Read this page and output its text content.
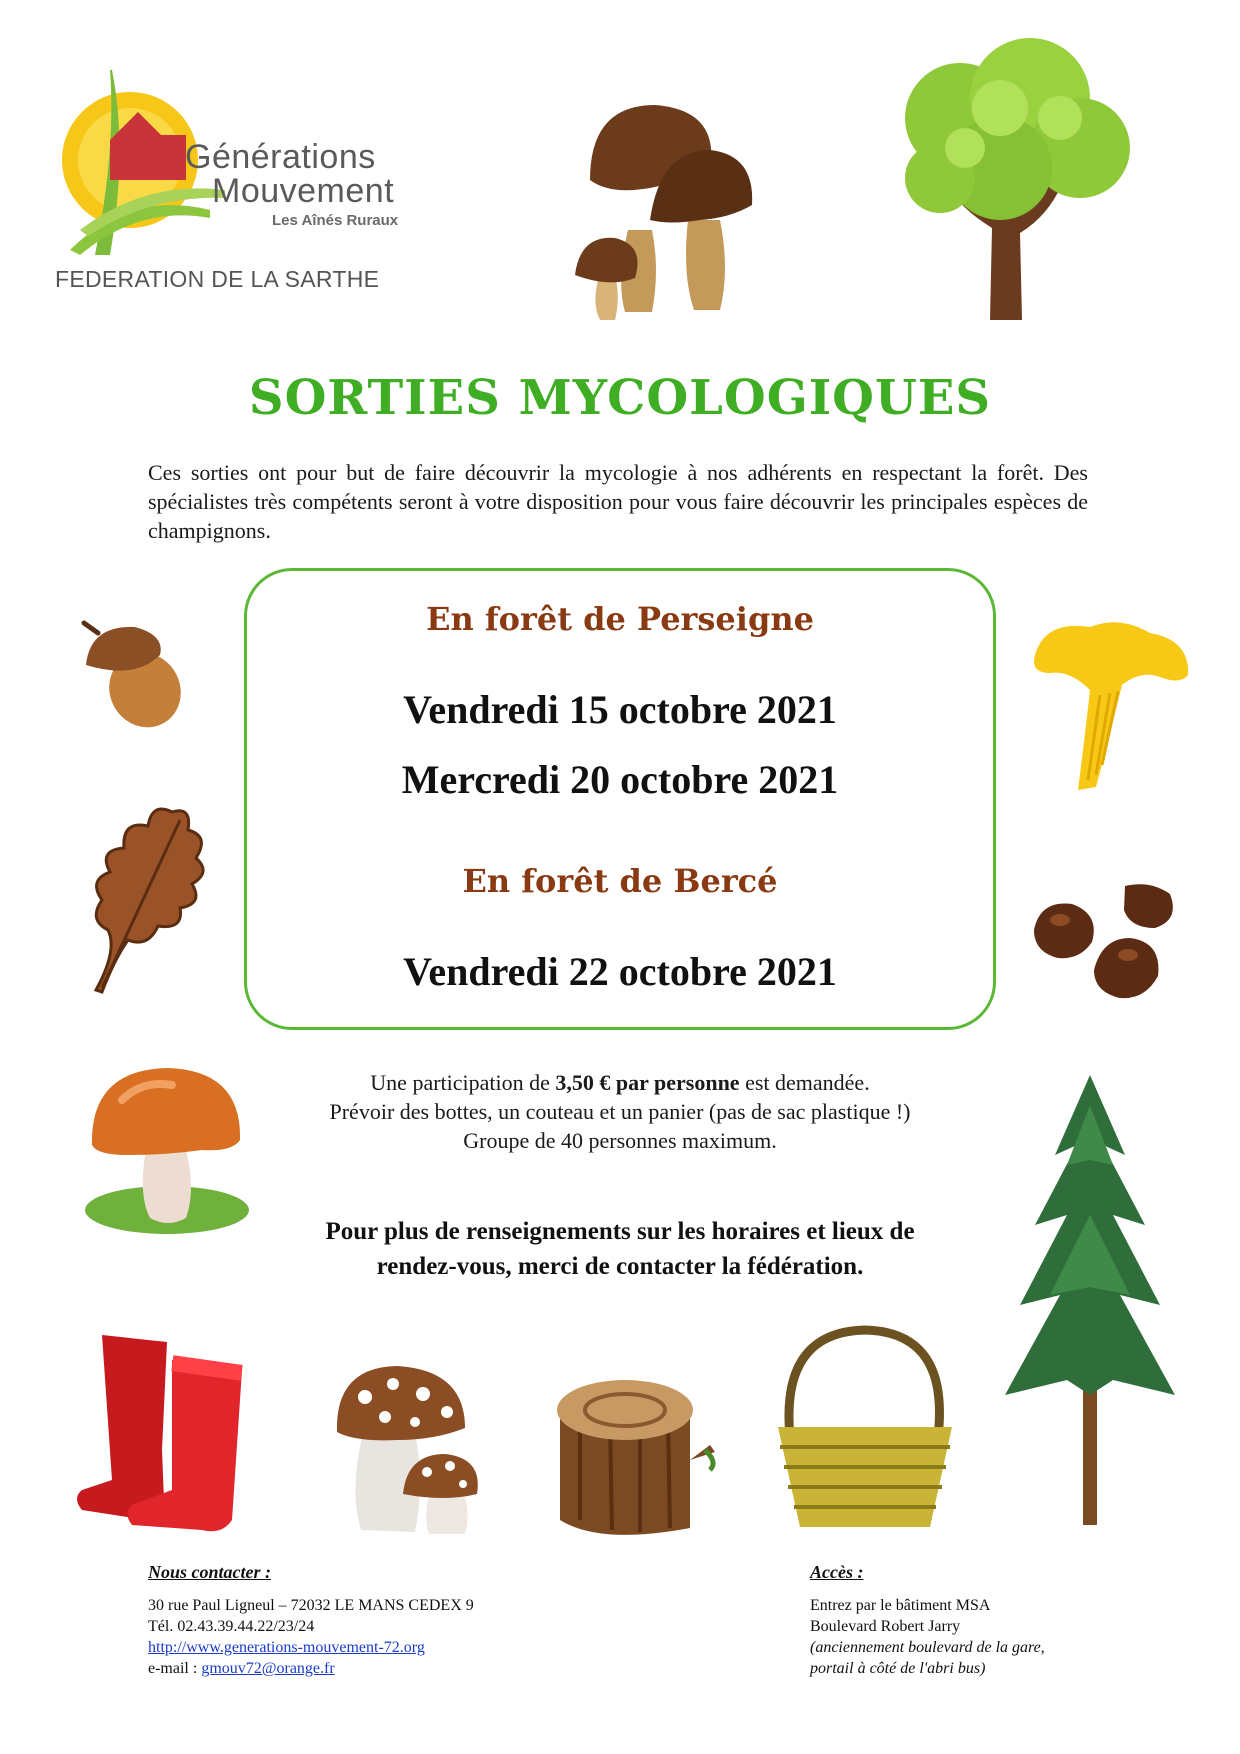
Générations
Mouvement
Les Aînés Ruraux
FEDERATION DE LA SARTHE
SORTIES MYCOLOGIQUES

Ces sorties ont pour but de faire découvrir la mycologie à nos adhérents en respectant la forêt. Des spécialistes très compétents seront à votre disposition pour vous faire découvrir les principales espèces de champignons.

En forêt de Perseigne
Vendredi 15 octobre 2021
Mercredi 20 octobre 2021
En forêt de Bercé
Vendredi 22 octobre 2021

Une participation de 3,50 € par personne est demandée.

Prévoir des bottes, un couteau et un panier (pas de sac plastique !)

Groupe de 40 personnes maximum.

Pour plus de renseignements sur les horaires et lieux de
rendez-vous, merci de contacter la fédération.
Nous contacter :
30 rue Paul Ligneul – 72032 LE MANS CEDEX 9
Tél. 02.43.39.44.22/23/24
http://www.generations-mouvement-72.org
e-mail : gmouv72@orange.fr
Accès :
Entrez par le bâtiment MSA
Boulevard Robert Jarry
(anciennement boulevard de la gare,
portail à côté de l'abri bus)
